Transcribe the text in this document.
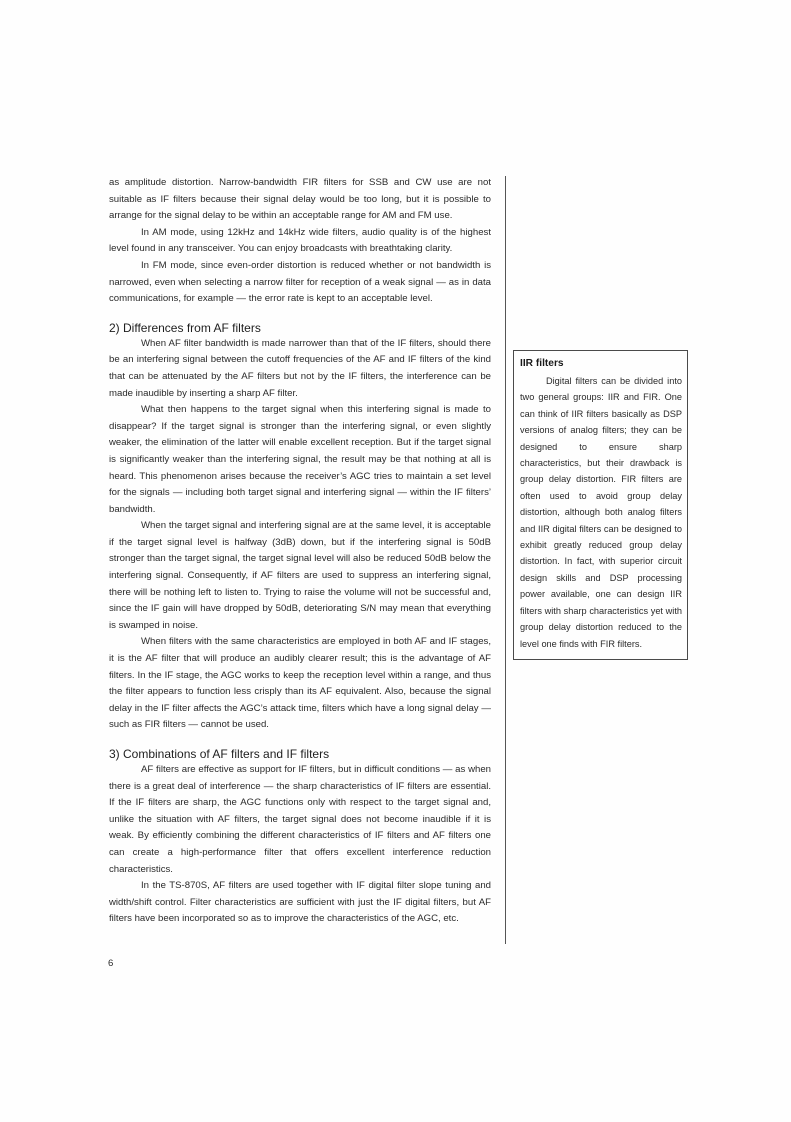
as amplitude distortion. Narrow-bandwidth FIR filters for SSB and CW use are not suitable as IF filters because their signal delay would be too long, but it is possible to arrange for the signal delay to be within an acceptable range for AM and FM use.

In AM mode, using 12kHz and 14kHz wide filters, audio quality is of the highest level found in any transceiver. You can enjoy broadcasts with breathtaking clarity.

In FM mode, since even-order distortion is reduced whether or not bandwidth is narrowed, even when selecting a narrow filter for reception of a weak signal — as in data communications, for example — the error rate is kept to an acceptable level.

2) Differences from AF filters

When AF filter bandwidth is made narrower than that of the IF filters, should there be an interfering signal between the cutoff frequencies of the AF and IF filters of the kind that can be attenuated by the AF filters but not by the IF filters, the interference can be made inaudible by inserting a sharp AF filter.

What then happens to the target signal when this interfering signal is made to disappear? If the target signal is stronger than the interfering signal, or even slightly weaker, the elimination of the latter will enable excellent reception. But if the target signal is significantly weaker than the interfering signal, the result may be that nothing at all is heard. This phenomenon arises because the receiver’s AGC tries to maintain a set level for the signals — including both target signal and interfering signal — within the IF filters’ bandwidth.

When the target signal and interfering signal are at the same level, it is acceptable if the target signal level is halfway (3dB) down, but if the interfering signal is 50dB stronger than the target signal, the target signal level will also be reduced 50dB below the interfering signal. Consequently, if AF filters are used to suppress an interfering signal, there will be nothing left to listen to. Trying to raise the volume will not be successful and, since the IF gain will have dropped by 50dB, deteriorating S/N may mean that everything is swamped in noise.

When filters with the same characteristics are employed in both AF and IF stages, it is the AF filter that will produce an audibly clearer result; this is the advantage of AF filters. In the IF stage, the AGC works to keep the reception level within a range, and thus the filter appears to function less crisply than its AF equivalent. Also, because the signal delay in the IF filter affects the AGC’s attack time, filters which have a long signal delay — such as FIR filters — cannot be used.

3) Combinations of AF filters and IF filters

AF filters are effective as support for IF filters, but in difficult conditions — as when there is a great deal of interference — the sharp characteristics of IF filters are essential. If the IF filters are sharp, the AGC functions only with respect to the target signal and, unlike the situation with AF filters, the target signal does not become inaudible if it is weak. By efficiently combining the different characteristics of IF filters and AF filters one can create a high-performance filter that offers excellent interference reduction characteristics.

In the TS-870S, AF filters are used together with IF digital filter slope tuning and width/shift control. Filter characteristics are sufficient with just the IF digital filters, but AF filters have been incorporated so as to improve the characteristics of the AGC, etc.

IIR filters

Digital filters can be divided into two general groups: IIR and FIR. One can think of IIR filters basically as DSP versions of analog filters; they can be designed to ensure sharp characteristics, but their drawback is group delay distortion. FIR filters are often used to avoid group delay distortion, although both analog filters and IIR digital filters can be designed to exhibit greatly reduced group delay distortion. In fact, with superior circuit design skills and DSP processing power available, one can design IIR filters with sharp characteristics yet with group delay distortion reduced to the level one finds with FIR filters.

6
